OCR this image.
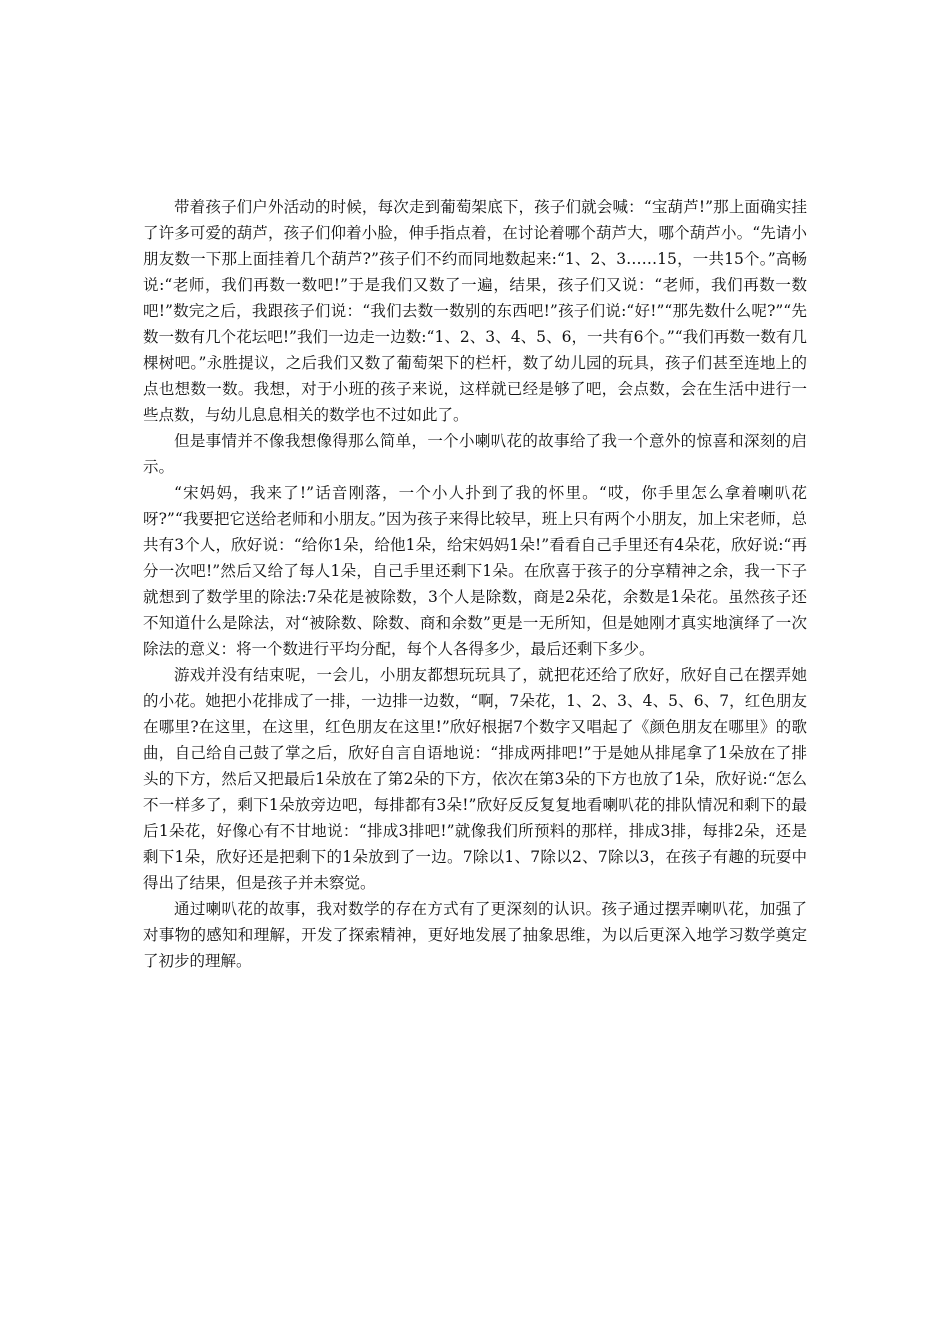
带着孩子们户外活动的时候，每次走到葡萄架底下，孩子们就会喊：“宝葫芦!”那上面确实挂了许多可爱的葫芦，孩子们仰着小脸，伸手指点着，在讨论着哪个葫芦大，哪个葫芦小。“先请小朋友数一下那上面挂着几个葫芦?”孩子们不约而同地数起来:“1、2、3……15，一共15个。”高畅说:“老师，我们再数一数吧!”于是我们又数了一遍，结果，孩子们又说：“老师，我们再数一数吧!”数完之后，我跟孩子们说：“我们去数一数别的东西吧!”孩子们说:“好!”“那先数什么呢?”“先数一数有几个花坛吧!”我们一边走一边数:“1、2、3、4、5、6，一共有6个。”“我们再数一数有几棵树吧。”永胜提议，之后我们又数了葡萄架下的栏杆，数了幼儿园的玩具，孩子们甚至连地上的点也想数一数。我想，对于小班的孩子来说，这样就已经是够了吧，会点数，会在生活中进行一些点数，与幼儿息息相关的数学也不过如此了。

但是事情并不像我想像得那么简单，一个小喇叭花的故事给了我一个意外的惊喜和深刻的启示。

“宋妈妈，我来了!”话音刚落，一个小人扑到了我的怀里。“哎，你手里怎么拿着喇叭花呀?”“我要把它送给老师和小朋友。”因为孩子来得比较早，班上只有两个小朋友，加上宋老师，总共有3个人，欣好说：“给你1朵，给他1朵，给宋妈妈1朵!”看看自己手里还有4朵花，欣好说:“再分一次吧!”然后又给了每人1朵，自己手里还剩下1朵。在欣喜于孩子的分享精神之余，我一下子就想到了数学里的除法:7朵花是被除数，3个人是除数，商是2朵花，余数是1朵花。虽然孩子还不知道什么是除法，对“被除数、除数、商和余数”更是一无所知，但是她刚才真实地演绎了一次除法的意义：将一个数进行平均分配，每个人各得多少，最后还剩下多少。

游戏并没有结束呢，一会儿，小朋友都想玩玩具了，就把花还给了欣好，欣好自己在摆弄她的小花。她把小花排成了一排，一边排一边数，“啊，7朵花，1、2、3、4、5、6、7，红色朋友在哪里?在这里，在这里，红色朋友在这里!”欣好根据7个数字又唱起了《颜色朋友在哪里》的歌曲，自己给自己鼓了掌之后，欣好自言自语地说：“排成两排吧!”于是她从排尾拿了1朵放在了排头的下方，然后又把最后1朵放在了第2朵的下方，依次在第3朵的下方也放了1朵，欣好说:“怎么不一样多了，剩下1朵放旁边吧，每排都有3朵!”欣好反反复复地看喇叭花的排队情况和剩下的最后1朵花，好像心有不甘地说：“排成3排吧!”就像我们所预料的那样，排成3排，每排2朵，还是剩下1朵，欣好还是把剩下的1朵放到了一边。7除以1、7除以2、7除以3，在孩子有趣的玩耍中得出了结果，但是孩子并未察觉。

通过喇叭花的故事，我对数学的存在方式有了更深刻的认识。孩子通过摆弄喇叭花，加强了对事物的感知和理解，开发了探索精神，更好地发展了抽象思维，为以后更深入地学习数学奠定了初步的理解。
